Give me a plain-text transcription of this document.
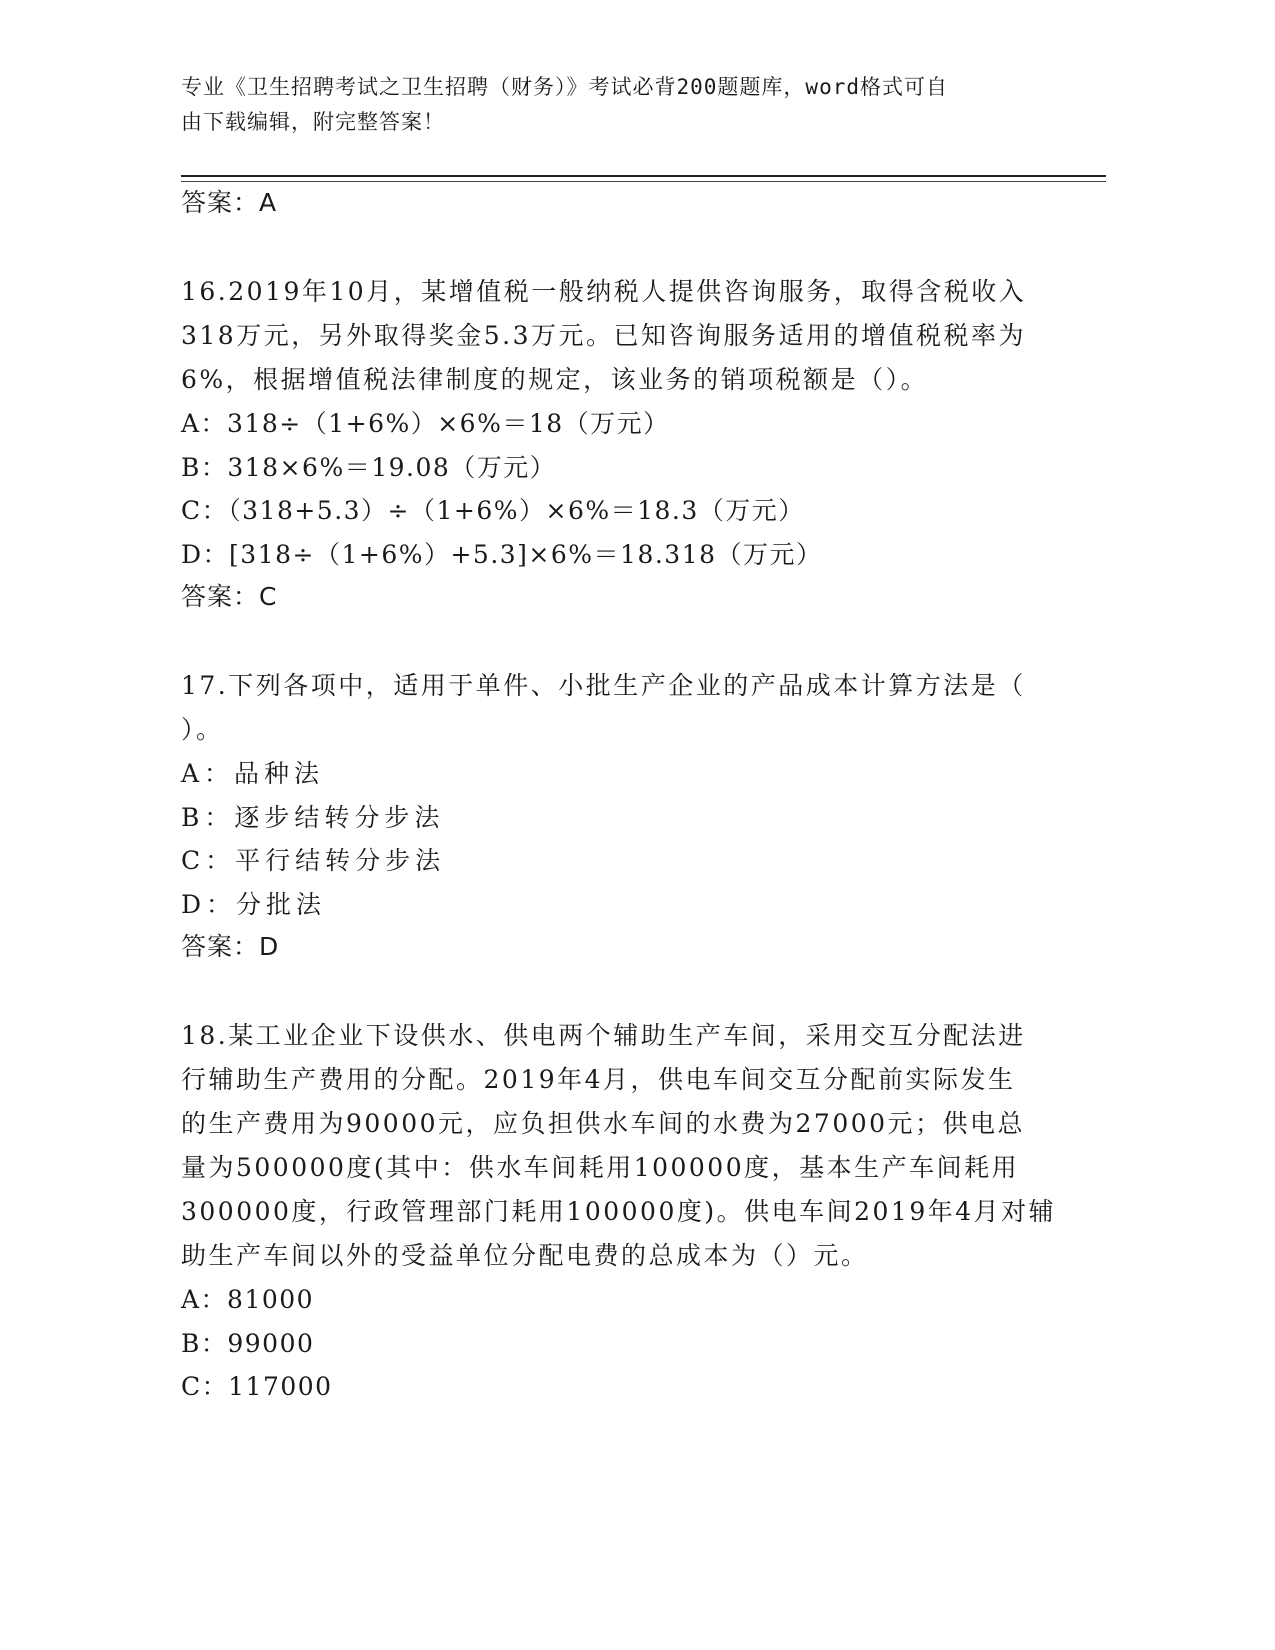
专业《卫生招聘考试之卫生招聘（财务）》考试必背200题题库，word格式可自
由下载编辑，附完整答案！

答案：A

16.2019年10月，某增值税一般纳税人提供咨询服务，取得含税收入

318万元，另外取得奖金5.3万元。已知咨询服务适用的增值税税率为

6%，根据增值税法律制度的规定，该业务的销项税额是（）。

A：318÷（1+6%）×6%＝18（万元）

B：318×6%＝19.08（万元）

C：（318+5.3）÷（1+6%）×6%＝18.3（万元）

D：[318÷（1+6%）+5.3]×6%＝18.318（万元）

答案：C

17.下列各项中，适用于单件、小批生产企业的产品成本计算方法是（

）。

A：品种法

B：逐步结转分步法

C：平行结转分步法

D：分批法

答案：D

18.某工业企业下设供水、供电两个辅助生产车间，采用交互分配法进

行辅助生产费用的分配。2019年4月，供电车间交互分配前实际发生

的生产费用为90000元，应负担供水车间的水费为27000元；供电总

量为500000度(其中：供水车间耗用100000度，基本生产车间耗用

300000度，行政管理部门耗用100000度)。供电车间2019年4月对辅

助生产车间以外的受益单位分配电费的总成本为（）元。

A：81000

B：99000

C：117000
